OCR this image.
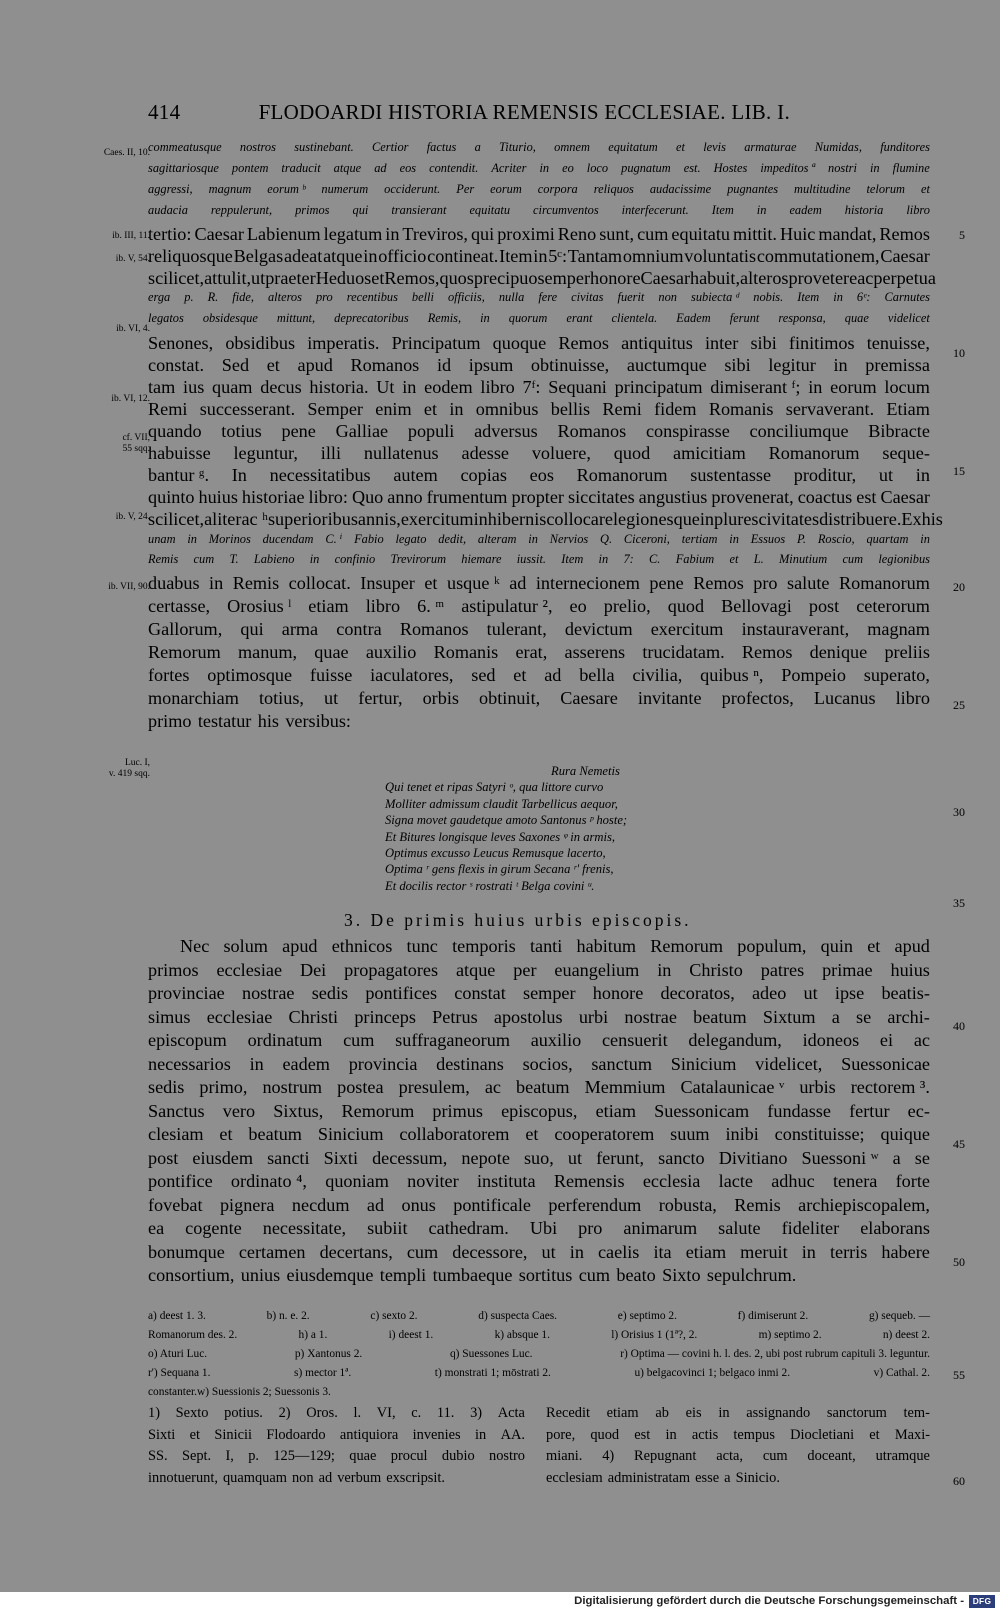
414	FLODOARDI HISTORIA REMENSIS ECCLESIAE. LIB. I.
Caes. II, 10.
ib. III, 11.
ib. V, 54.
ib. VI, 4.
ib. VI, 12.
cf. VII,
55 sqq.
ib. V, 24.
ib. VII, 90.
Luc. I,
v. 419 sqq.
5
10
15
20
25
30
35
40
45
50
55
60
commeatusque nostros sustinebant. Certior factus a Titurio, omnem equitatum et levis armaturae Numidas, funditores
sagittariosque pontem traducit atque ad eos contendit. Acriter in eo loco pugnatum est. Hostes impeditos ª nostri in flumine
aggressi, magnum eorum ᵇ numerum occiderunt. Per eorum corpora reliquos audacissime pugnantes multitudine telorum et
audacia reppulerunt, primos qui transierant equitatu circumventos interfecerunt. Item in eadem historia libro
tertio: Caesar Labienum legatum in Treviros, qui proximi Reno sunt, cum equitatu mittit. Huic mandat, Remos
reliquosque Belgas adeat atque in officio contineat. Item in 5ᶜ: Tantam omnium voluntatis commutationem, Caesar
scilicet, attulit, ut praeter Heduos et Remos, quos precipuo semper honore Caesar habuit, alteros pro vetere ac perpetua
erga p. R. fide, alteros pro recentibus belli officiis, nulla fere civitas fuerit non subiecta ᵈ nobis. Item in 6ᵉ: Carnutes
legatos obsidesque mittunt, deprecatoribus Remis, in quorum erant clientela. Eadem ferunt responsa, quae videlicet
Senones, obsidibus imperatis. Principatum quoque Remos antiquitus inter sibi finitimos tenuisse,
constat. Sed et apud Romanos id ipsum obtinuisse, auctumque sibi legitur in premissa
tam ius quam decus historia. Ut in eodem libro 7ᶠ: Sequani principatum dimiserant ᶠ; in eorum locum
Remi successerant. Semper enim et in omnibus bellis Remi fidem Romanis servaverant. Etiam
quando totius pene Galliae populi adversus Romanos conspirasse conciliumque Bibracte
habuisse leguntur, illi nullatenus adesse voluere, quod amicitiam Romanorum seque-
bantur ᵍ. In necessitatibus autem copias eos Romanorum sustentasse proditur, ut in
quinto huius historiae libro: Quo anno frumentum propter siccitates angustius provenerat, coactus est Caesar
scilicet, aliter ac ʰ superioribus annis, exercitum in hibernis collocare legionesque in plures civitates distribuere. Ex his
unam in Morinos ducendam C. ⁱ Fabio legato dedit, alteram in Nervios Q. Ciceroni, tertiam in Essuos P. Roscio, quartam in
Remis cum T. Labieno in confinio Trevirorum hiemare iussit. Item in 7: C. Fabium et L. Minutium cum legionibus
duabus in Remis collocat. Insuper et usque ᵏ ad internecionem pene Remos pro salute Romanorum
certasse, Orosius ˡ etiam libro 6. ᵐ astipulatur ², eo prelio, quod Bellovagi post ceterorum
Gallorum, qui arma contra Romanos tulerant, devictum exercitum instauraverant, magnam
Remorum manum, quae auxilio Romanis erat, asserens trucidatam. Remos denique preliis
fortes optimosque fuisse iaculatores, sed et ad bella civilia, quibus ⁿ, Pompeio superato,
monarchiam totius, ut fertur, orbis obtinuit, Caesare invitante profectos, Lucanus libro
primo testatur his versibus:
Rura Nemetis
Qui tenet et ripas Satyri ᵒ, qua littore curvo
Molliter admissum claudit Tarbellicus aequor,
Signa movet gaudetque amoto Santonus ᵖ hoste;
Et Bitures longisque leves Saxones ᵠ in armis,
Optimus excusso Leucus Remusque lacerto,
Optima ʳ gens flexis in girum Secana ʳ' frenis,
Et docilis rector ˢ rostrati ᵗ Belga covini ᵘ.
3. De primis huius urbis episcopis.
Nec solum apud ethnicos tunc temporis tanti habitum Remorum populum, quin et apud
primos ecclesiae Dei propagatores atque per euangelium in Christo patres primae huius
provinciae nostrae sedis pontifices constat semper honore decoratos, adeo ut ipse beatis-
simus ecclesiae Christi princeps Petrus apostolus urbi nostrae beatum Sixtum a se archi-
episcopum ordinatum cum suffraganeorum auxilio censuerit delegandum, idoneos ei ac
necessarios in eadem provincia destinans socios, sanctum Sinicium videlicet, Suessonicae
sedis primo, nostrum postea presulem, ac beatum Memmium Catalaunicae ᵛ urbis rectorem ³.
Sanctus vero Sixtus, Remorum primus episcopus, etiam Suessonicam fundasse fertur ec-
clesiam et beatum Sinicium collaboratorem et cooperatorem suum inibi constituisse; quique
post eiusdem sancti Sixti decessum, nepote suo, ut ferunt, sancto Divitiano Suessoni ʷ a se
pontifice ordinato ⁴, quoniam noviter instituta Remensis ecclesia lacte adhuc tenera forte
fovebat pignera necdum ad onus pontificale perferendum robusta, Remis archiepiscopalem,
ea cogente necessitate, subiit cathedram. Ubi pro animarum salute fideliter elaborans
bonumque certamen decertans, cum decessore, ut in caelis ita etiam meruit in terris habere
consortium, unius eiusdemque templi tumbaeque sortitus cum beato Sixto sepulchrum.
a) deest 1. 3.	b) n. e. 2.	c) sexto 2.	d) suspecta Caes.	e) septimo 2.	f) dimiserunt 2.	g) sequeb. —
Romanorum des. 2.	h) a 1.	i) deest 1.	k) absque 1.	l) Orisius 1 (1ª?, 2.	m) septimo 2.	n) deest 2.
o) Aturi Luc.	p) Xantonus 2.	q) Suessones Luc.	r) Optima — covini h. l. des. 2, ubi post rubrum capituli 3. leguntur.
r') Sequana 1.	s) mector 1ª.	t) monstrati 1; mōstrati 2.	u) belgacovinci 1; belgaco inmi 2.	v) Cathal. 2.
constanter. w) Suessionis 2; Suessonis 3.
1) Sexto potius. 2) Oros. l. VI, c. 11. 3) Acta
Sixti et Sinicii Flodoardo antiquiora invenies in AA.
SS. Sept. I, p. 125—129; quae procul dubio nostro
innotuerunt, quamquam non ad verbum exscripsit.
Recedit etiam ab eis in assignando sanctorum tem-
pore, quod est in actis tempus Diocletiani et Maxi-
miani. 4) Repugnant acta, cum doceant, utramque
ecclesiam administratam esse a Sinicio.
Digitalisierung gefördert durch die Deutsche Forschungsgemeinschaft -	DFG
